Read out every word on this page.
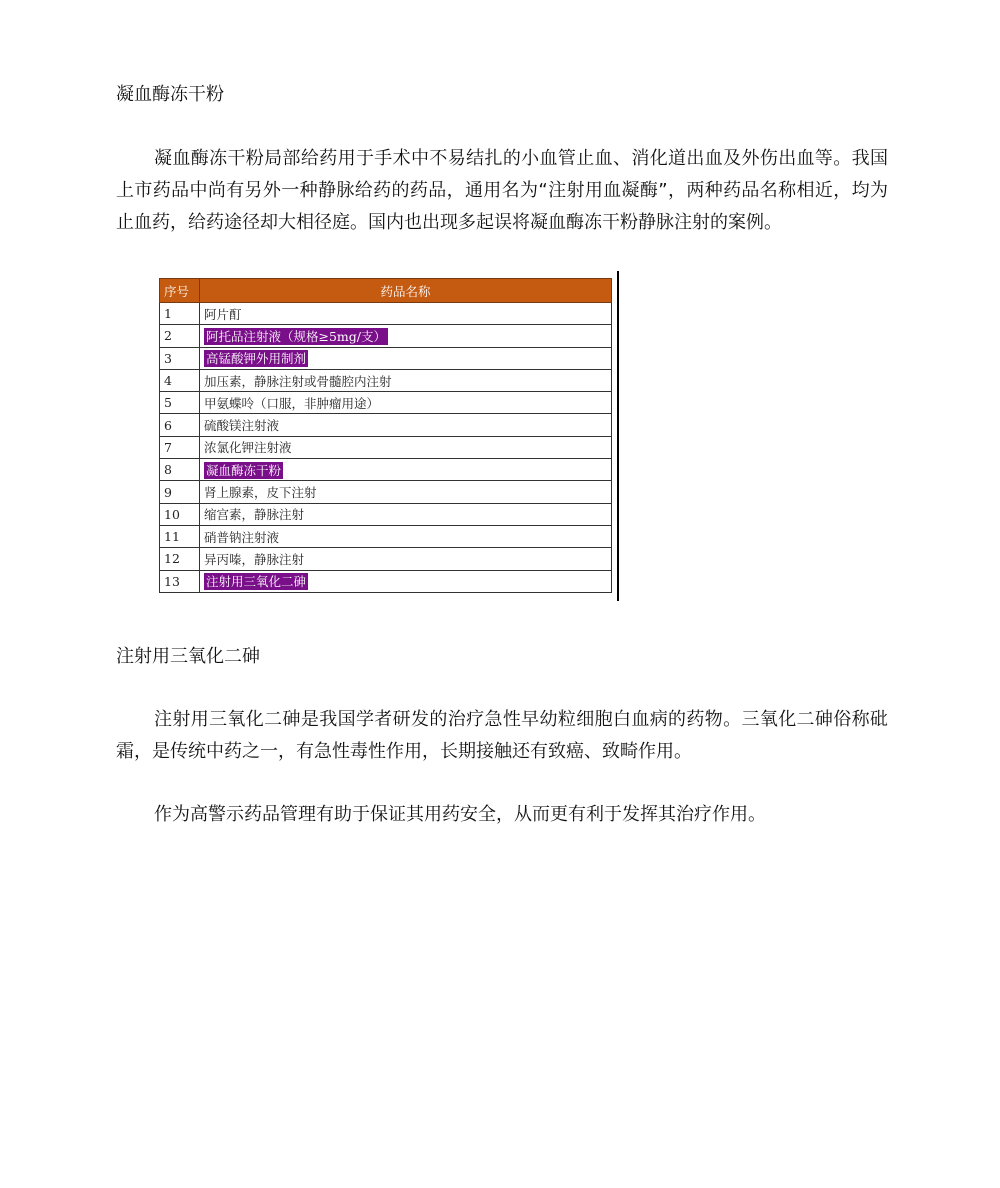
凝血酶冻干粉

凝血酶冻干粉局部给药用于手术中不易结扎的小血管止血、消化道出血及外伤出血等。我国上市药品中尚有另外一种静脉给药的药品，通用名为“注射用血凝酶”，两种药品名称相近，均为止血药，给药途径却大相径庭。国内也出现多起误将凝血酶冻干粉静脉注射的案例。

序号	药品名称
1	阿片酊
2	阿托品注射液（规格≥5mg/支）
3	高锰酸钾外用制剂
4	加压素，静脉注射或骨髓腔内注射
5	甲氨蝶呤（口服，非肿瘤用途）
6	硫酸镁注射液
7	浓氯化钾注射液
8	凝血酶冻干粉
9	肾上腺素，皮下注射
10	缩宫素，静脉注射
11	硝普钠注射液
12	异丙嗪，静脉注射
13	注射用三氧化二砷
注射用三氧化二砷

注射用三氧化二砷是我国学者研发的治疗急性早幼粒细胞白血病的药物。三氧化二砷俗称砒霜，是传统中药之一，有急性毒性作用，长期接触还有致癌、致畸作用。

作为高警示药品管理有助于保证其用药安全，从而更有利于发挥其治疗作用。
